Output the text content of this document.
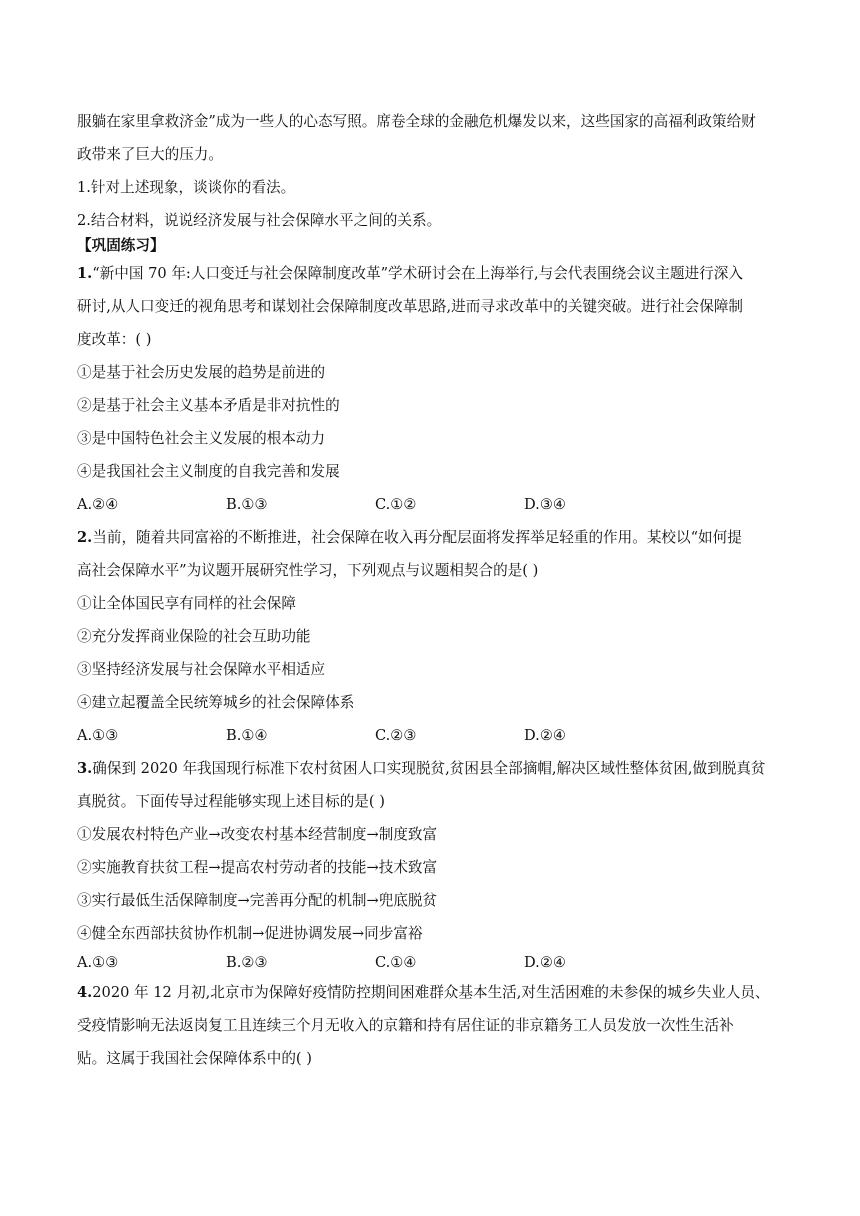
服躺在家里拿救济金”成为一些人的心态写照。席卷全球的金融危机爆发以来，这些国家的高福利政策给财
政带来了巨大的压力。
1.针对上述现象，谈谈你的看法。
2.结合材料，说说经济发展与社会保障水平之间的关系。
【巩固练习】
1.“新中国 70 年:人口变迁与社会保障制度改革”学术研讨会在上海举行,与会代表围绕会议主题进行深入
研讨,从人口变迁的视角思考和谋划社会保障制度改革思路,进而寻求改革中的关键突破。进行社会保障制
度改革：( )
①是基于社会历史发展的趋势是前进的
②是基于社会主义基本矛盾是非对抗性的
③是中国特色社会主义发展的根本动力
④是我国社会主义制度的自我完善和发展
A.②④	B.①③	C.①②	D.③④
2.当前，随着共同富裕的不断推进，社会保障在收入再分配层面将发挥举足轻重的作用。某校以“如何提
高社会保障水平”为议题开展研究性学习，下列观点与议题相契合的是( )
①让全体国民享有同样的社会保障
②充分发挥商业保险的社会互助功能
③坚持经济发展与社会保障水平相适应
④建立起覆盖全民统筹城乡的社会保障体系
A.①③	B.①④	C.②③	D.②④
3.确保到 2020 年我国现行标准下农村贫困人口实现脱贫,贫困县全部摘帽,解决区域性整体贫困,做到脱真贫
真脱贫。下面传导过程能够实现上述目标的是( )
①发展农村特色产业→改变农村基本经营制度→制度致富
②实施教育扶贫工程→提高农村劳动者的技能→技术致富
③实行最低生活保障制度→完善再分配的机制→兜底脱贫
④健全东西部扶贫协作机制→促进协调发展→同步富裕
A.①③	B.②③	C.①④	D.②④
4.2020 年 12 月初,北京市为保障好疫情防控期间困难群众基本生活,对生活困难的未参保的城乡失业人员、
受疫情影响无法返岗复工且连续三个月无收入的京籍和持有居住证的非京籍务工人员发放一次性生活补
贴。这属于我国社会保障体系中的( )
